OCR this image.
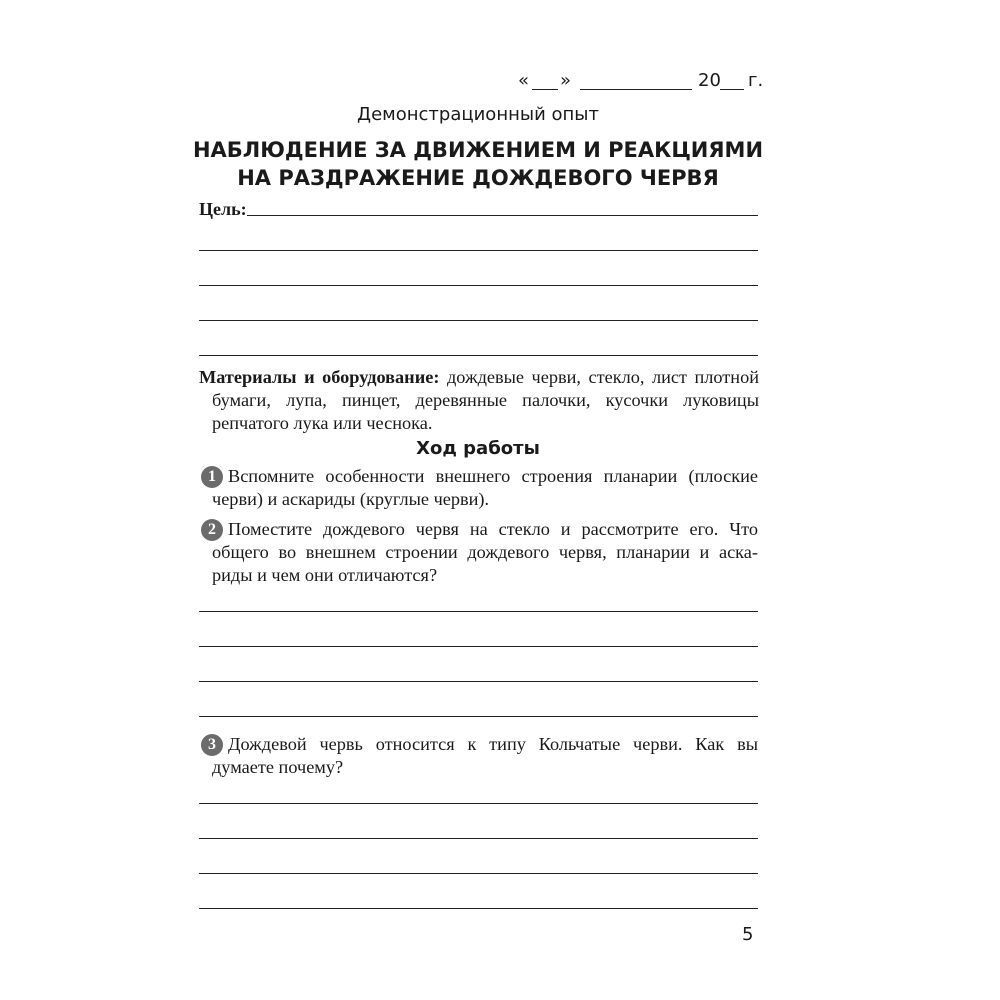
« »	20 г.
Демонстрационный опыт
НАБЛЮДЕНИЕ ЗА ДВИЖЕНИЕМ И РЕАКЦИЯМИ
НА РАЗДРАЖЕНИЕ ДОЖДЕВОГО ЧЕРВЯ
Цель:
Материалы и оборудование: дождевые черви, стекло, лист плотной
бумаги, лупа, пинцет, деревянные палочки, кусочки луковицы
репчатого лука или чеснока.
Ход работы
1 Вспомните особенности внешнего строения планарии (плоские
черви) и аскариды (круглые черви).
2 Поместите дождевого червя на стекло и рассмотрите его. Что
общего во внешнем строении дождевого червя, планарии и аска-
риды и чем они отличаются?
3 Дождевой червь относится к типу Кольчатые черви. Как вы
думаете почему?
5
